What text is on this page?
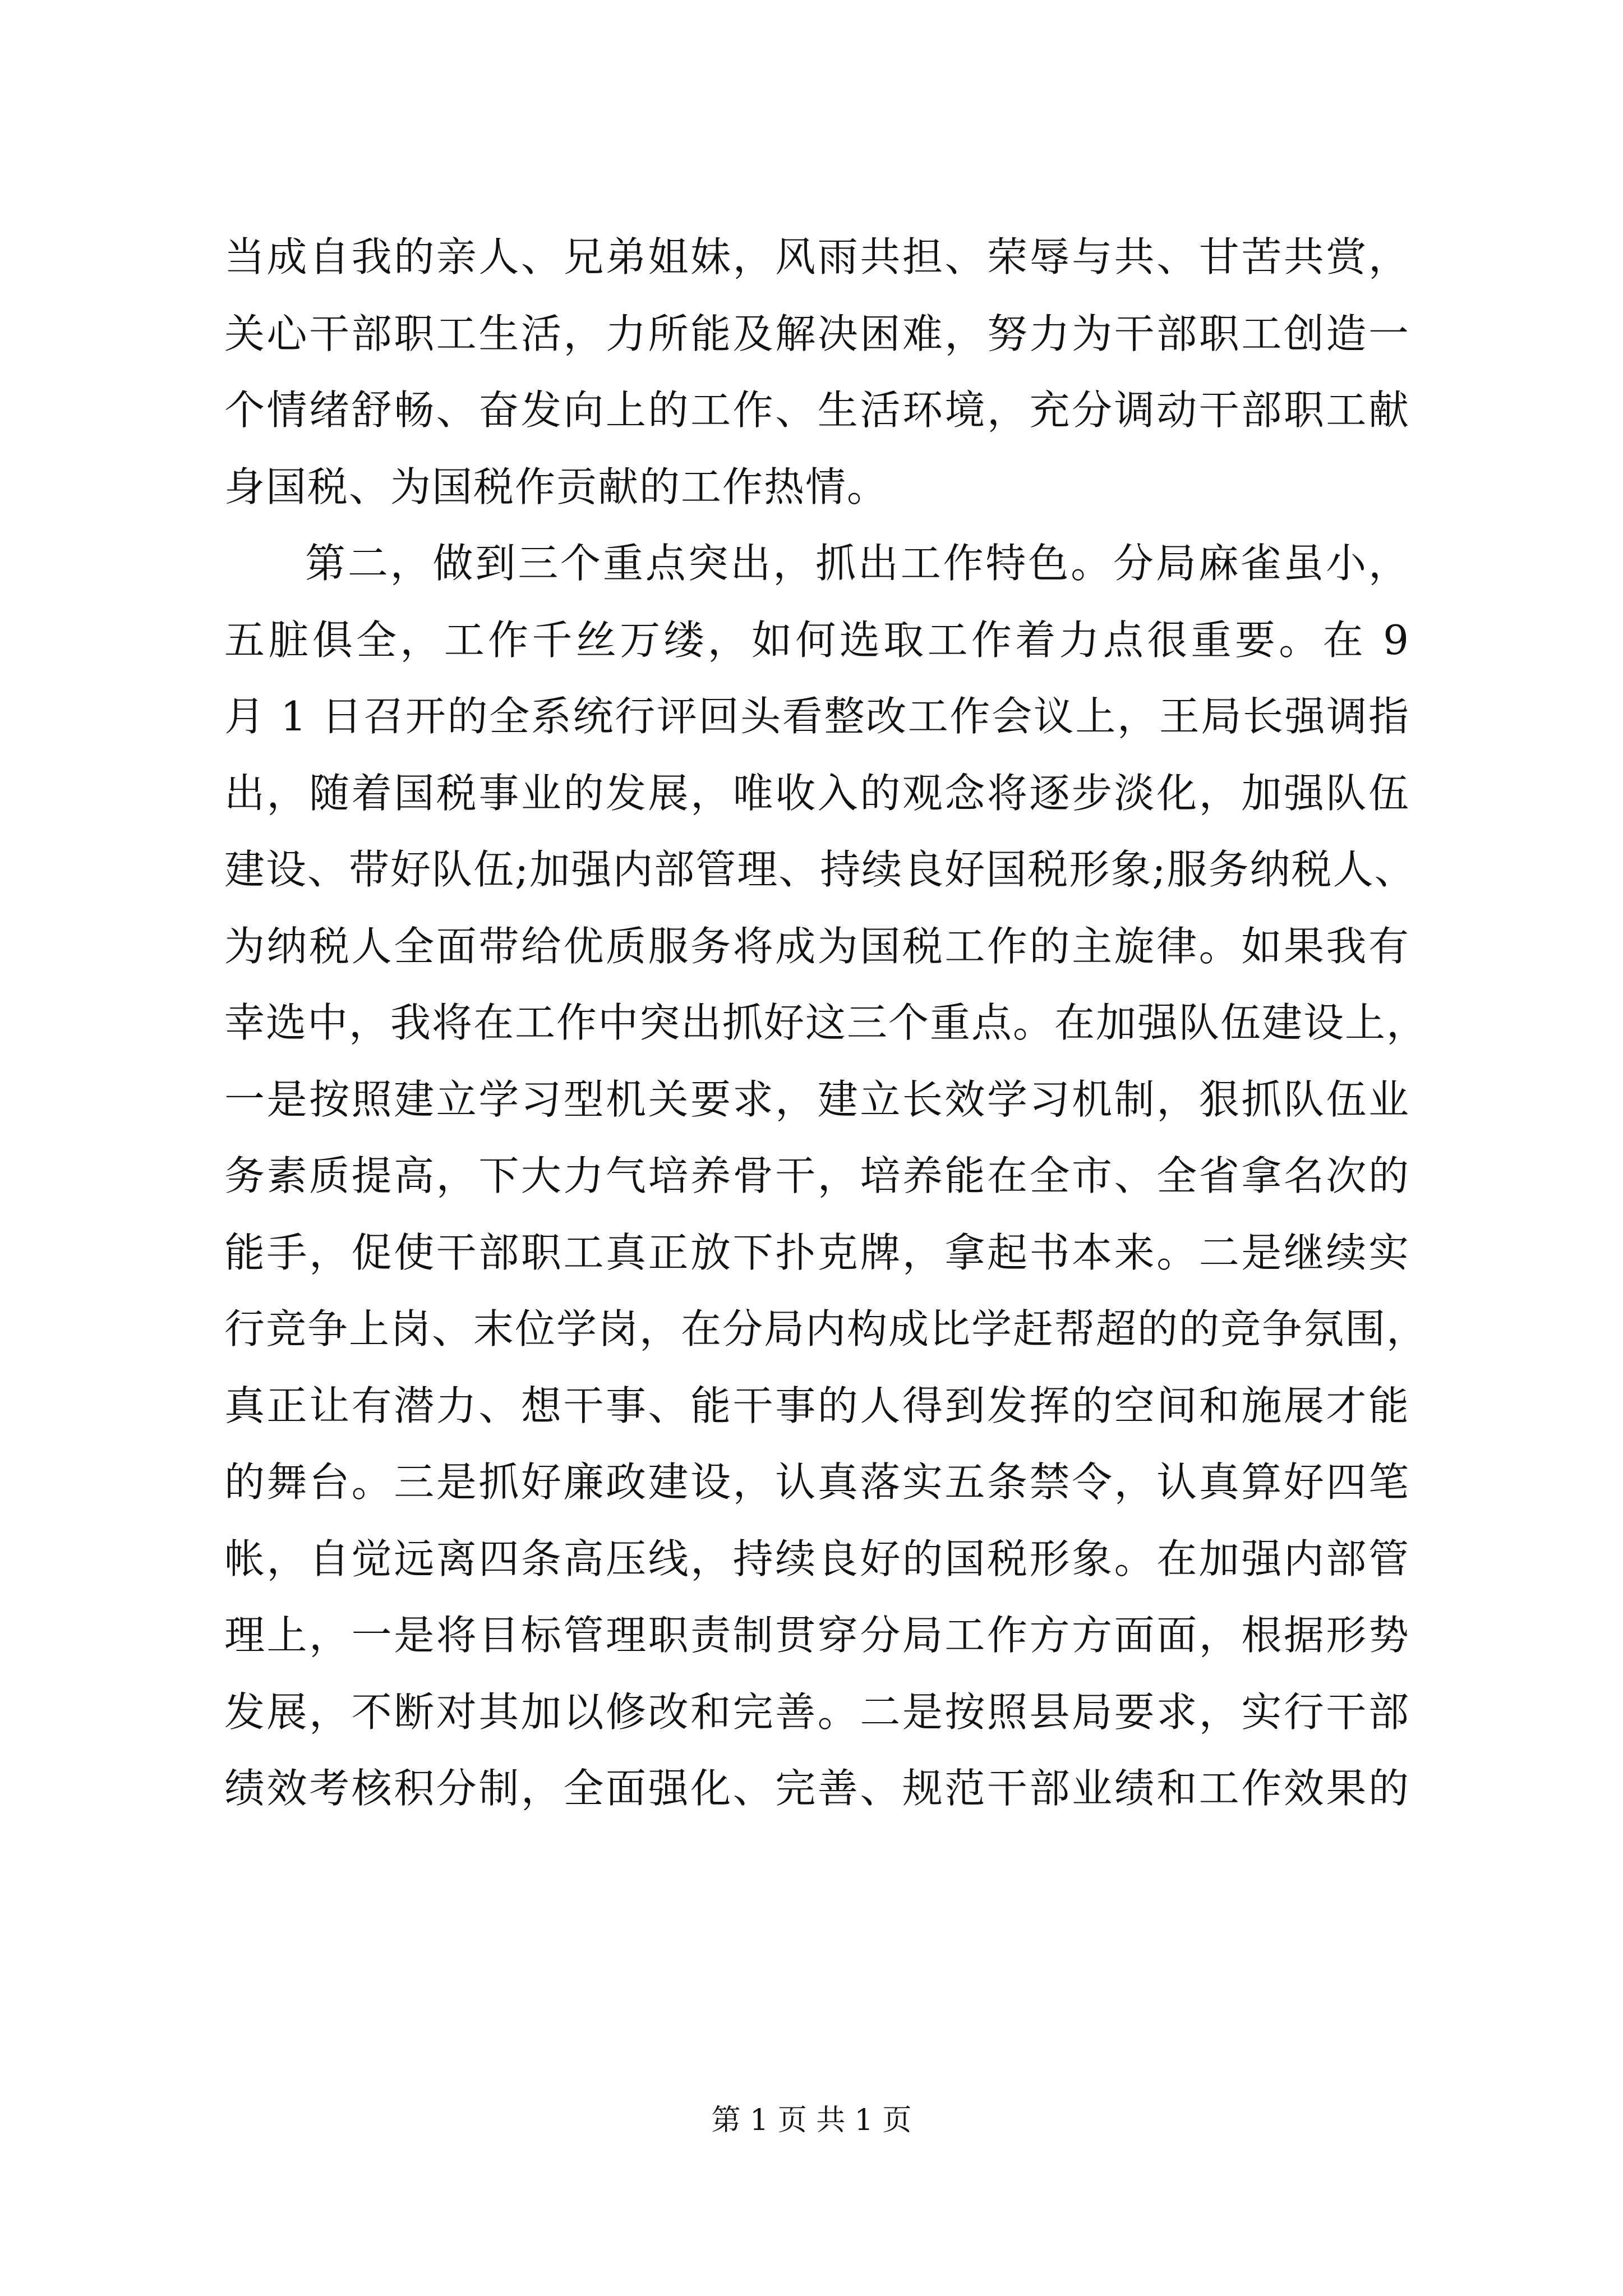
当成自我的亲人、兄弟姐妹，风雨共担、荣辱与共、甘苦共赏，
关心干部职工生活，力所能及解决困难，努力为干部职工创造一
个情绪舒畅、奋发向上的工作、生活环境，充分调动干部职工献
身国税、为国税作贡献的工作热情。
第二，做到三个重点突出，抓出工作特色。分局麻雀虽小，
五脏俱全，工作千丝万缕，如何选取工作着力点很重要。在 9
月 1 日召开的全系统行评回头看整改工作会议上，王局长强调指
出，随着国税事业的发展，唯收入的观念将逐步淡化，加强队伍
建设、带好队伍;加强内部管理、持续良好国税形象;服务纳税人、
为纳税人全面带给优质服务将成为国税工作的主旋律。如果我有
幸选中，我将在工作中突出抓好这三个重点。在加强队伍建设上，
一是按照建立学习型机关要求，建立长效学习机制，狠抓队伍业
务素质提高，下大力气培养骨干，培养能在全市、全省拿名次的
能手，促使干部职工真正放下扑克牌，拿起书本来。二是继续实
行竞争上岗、末位学岗，在分局内构成比学赶帮超的的竞争氛围，
真正让有潜力、想干事、能干事的人得到发挥的空间和施展才能
的舞台。三是抓好廉政建设，认真落实五条禁令，认真算好四笔
帐，自觉远离四条高压线，持续良好的国税形象。在加强内部管
理上，一是将目标管理职责制贯穿分局工作方方面面，根据形势
发展，不断对其加以修改和完善。二是按照县局要求，实行干部
绩效考核积分制，全面强化、完善、规范干部业绩和工作效果的
第 1 页 共 1 页
